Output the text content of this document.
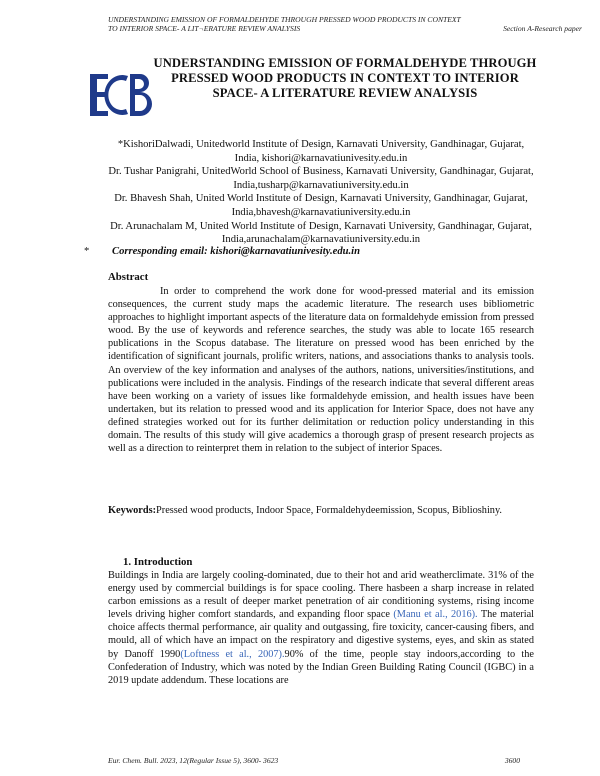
UNDERSTANDING EMISSION OF FORMALDEHYDE THROUGH PRESSED WOOD PRODUCTS IN CONTEXT
TO INTERIOR SPACE- A LIT¬ERATURE REVIEW ANALYSIS	Section A-Research paper
UNDERSTANDING EMISSION OF FORMALDEHYDE THROUGH PRESSED WOOD PRODUCTS IN CONTEXT TO INTERIOR SPACE- A LITERATURE REVIEW ANALYSIS
*KishoriDalwadi, Unitedworld Institute of Design, Karnavati University, Gandhinagar, Gujarat, India, kishori@karnavatiunivesity.edu.in
Dr. Tushar Panigrahi, UnitedWorld School of Business, Karnavati University, Gandhinagar, Gujarat, India,tusharp@karnavatiuniversity.edu.in
Dr. Bhavesh Shah, United World Institute of Design, Karnavati University, Gandhinagar, Gujarat, India,bhavesh@karnavatiuniversity.edu.in
Dr. Arunachalam M, United World Institute of Design, Karnavati University, Gandhinagar, Gujarat, India,arunachalam@karnavatiuniversity.edu.in
* Corresponding email: kishori@karnavatiunivesity.edu.in
Abstract
In order to comprehend the work done for wood-pressed material and its emission consequences, the current study maps the academic literature. The research uses bibliometric approaches to highlight important aspects of the literature data on formaldehyde emission from pressed wood. By the use of keywords and reference searches, the study was able to locate 165 research publications in the Scopus database. The literature on pressed wood has been enriched by the identification of significant journals, prolific writers, nations, and associations thanks to analysis tools. An overview of the key information and analyses of the authors, nations, universities/institutions, and publications were included in the analysis. Findings of the research indicate that several different areas have been working on a variety of issues like formaldehyde emission, and health issues have been undertaken, but its relation to pressed wood and its application for Interior Space, does not have any defined strategies worked out for its further delimitation or reduction policy understanding in this domain. The results of this study will give academics a thorough grasp of present research projects as well as a direction to reinterpret them in relation to the subject of interior Spaces.
Keywords:Pressed wood products, Indoor Space, Formaldehydeemission, Scopus, Biblioshiny.
1. Introduction
Buildings in India are largely cooling-dominated, due to their hot and arid weatherclimate. 31% of the energy used by commercial buildings is for space cooling. There hasbeen a sharp increase in related carbon emissions as a result of deeper market penetration of air conditioning systems, rising income levels driving higher comfort standards, and expanding floor space (Manu et al., 2016). The material choice affects thermal performance, air quality and outgassing, fire toxicity, cancer-causing fibers, and mould, all of which have an impact on the respiratory and digestive systems, eyes, and skin as stated by Danoff 1990(Loftness et al., 2007).90% of the time, people stay indoors,according to the Confederation of Industry, which was noted by the Indian Green Building Rating Council (IGBC) in a 2019 update addendum. These locations are
Eur. Chem. Bull. 2023, 12(Regular Issue 5), 3600- 3623	3600
